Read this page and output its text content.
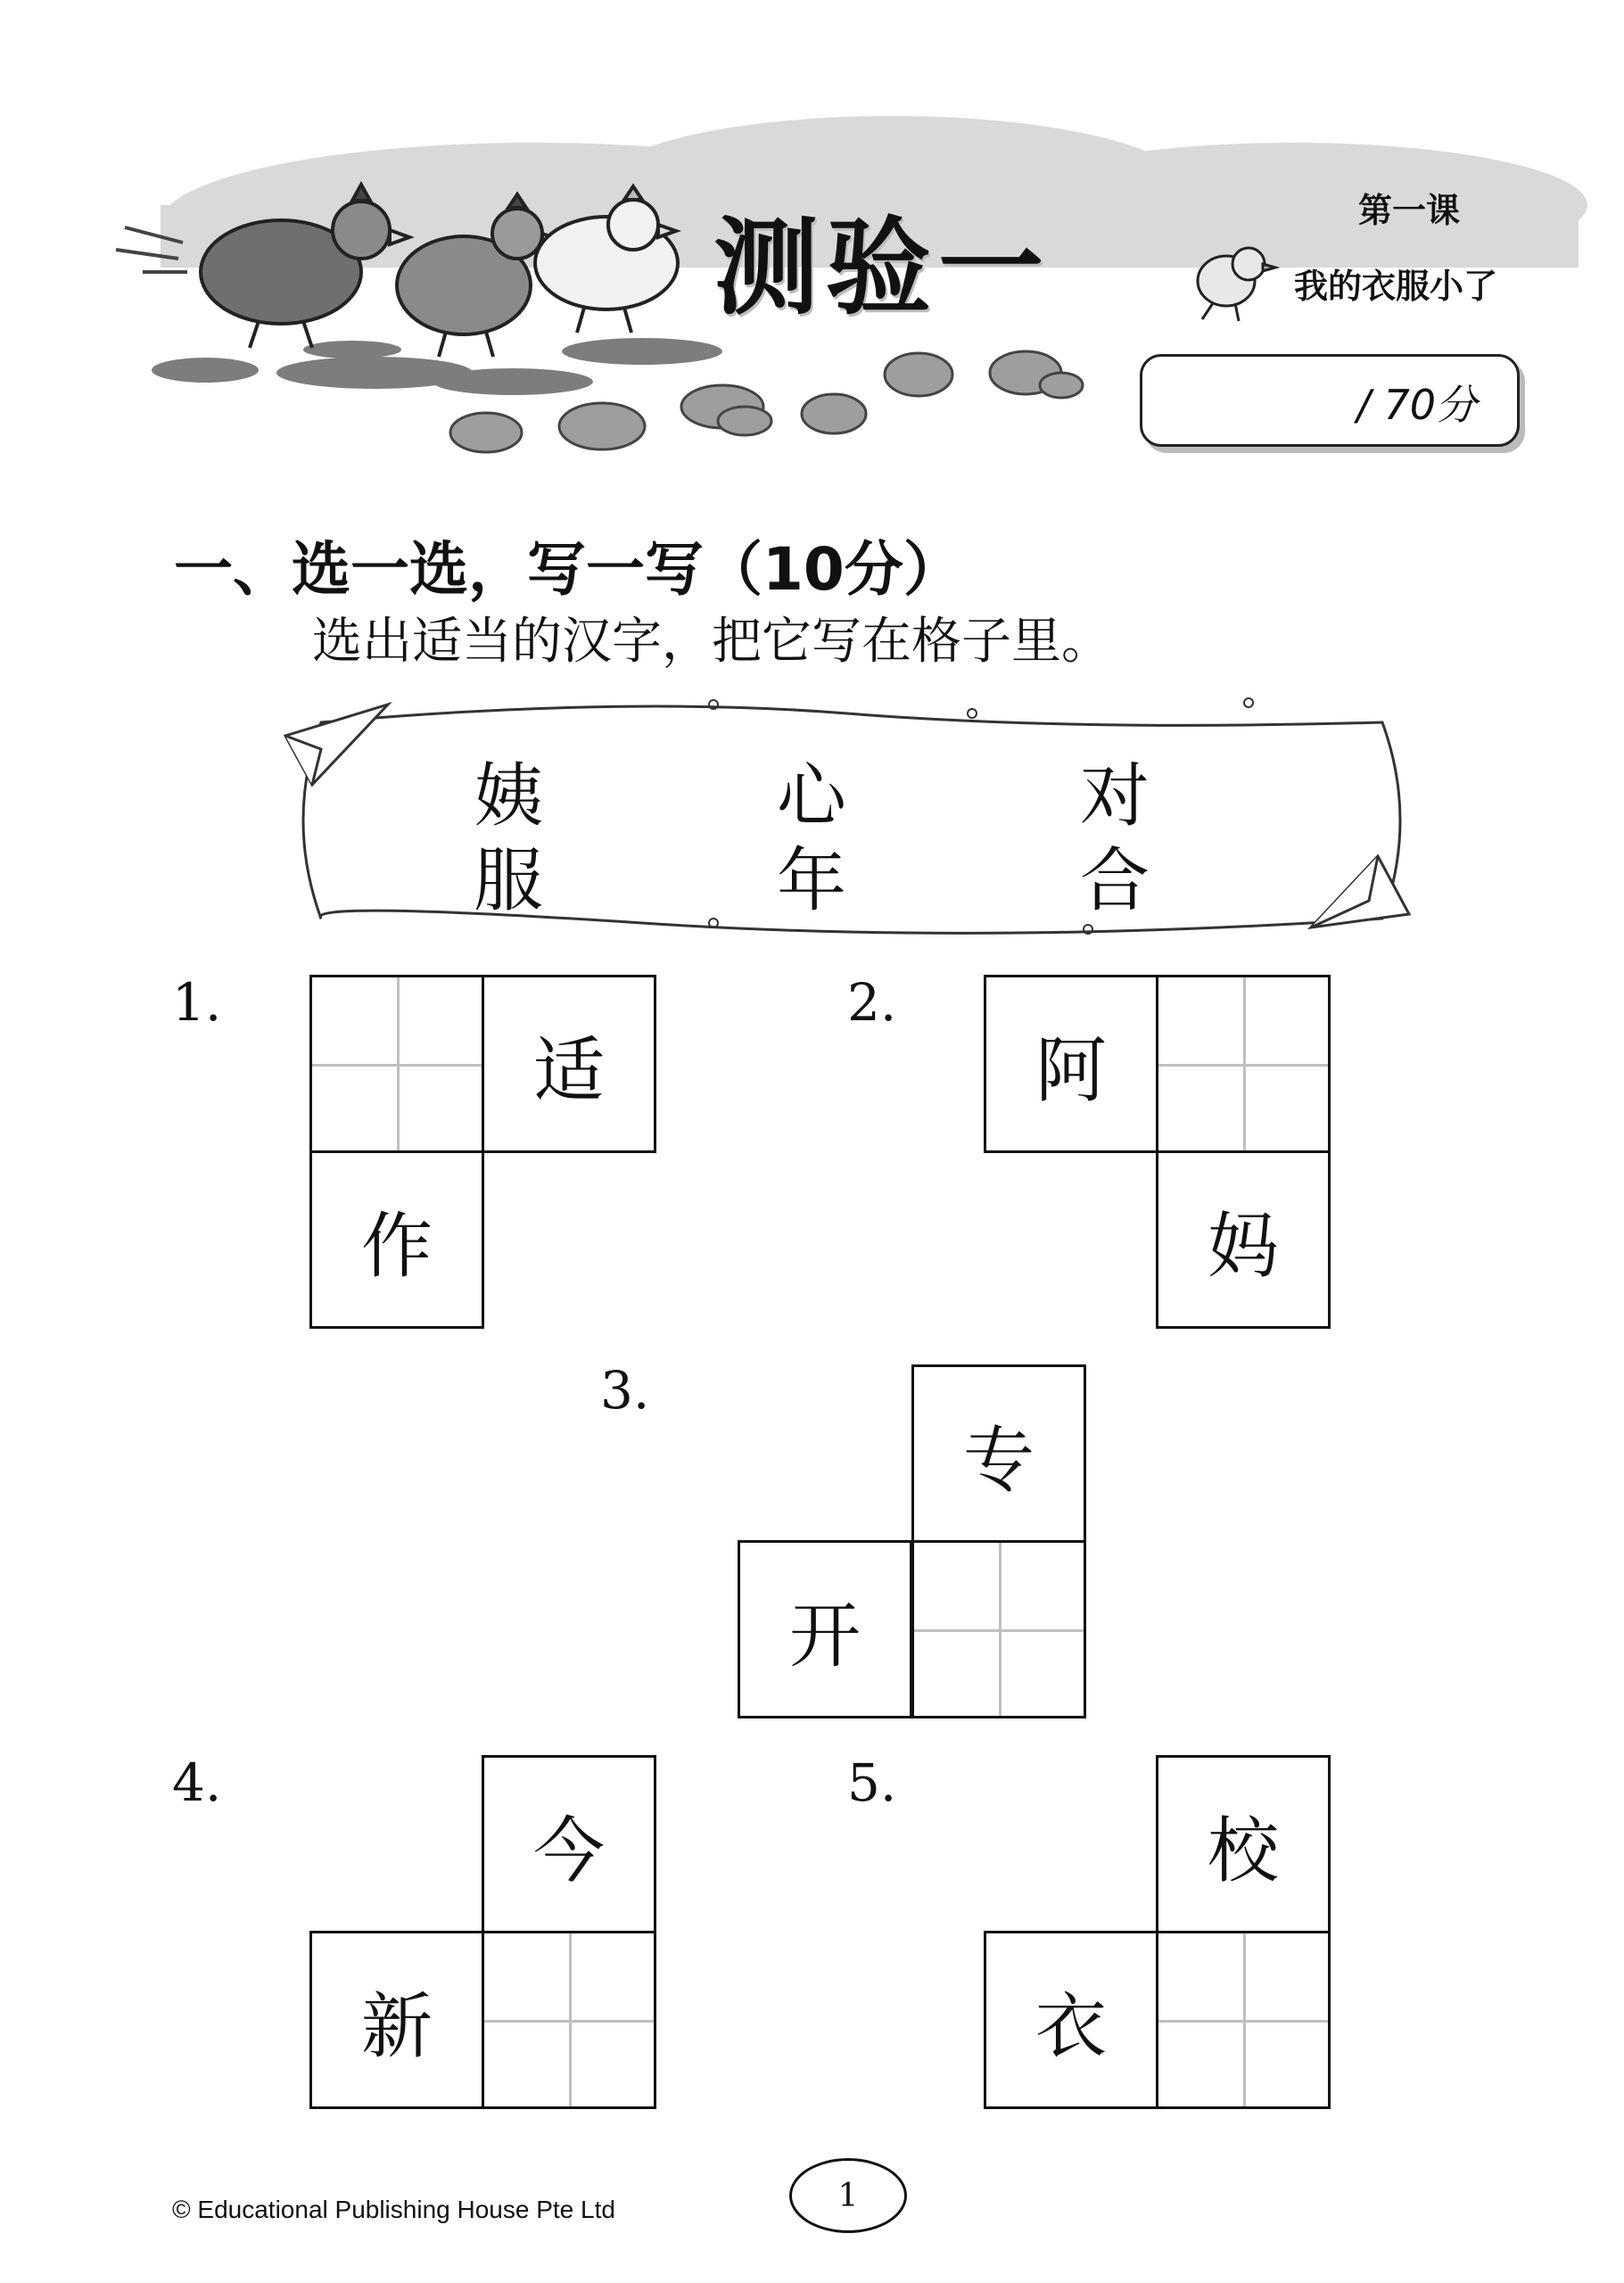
测验一	第一课
我的衣服小了
/ 70分
一、选一选，写一写（10分）
选出适当的汉字，把它写在格子里。
姨	心	对
服	年	合
1.
适
作
2.
阿
妈
3.
专
开
4.
今
新
5.
校
衣
© Educational Publishing House Pte Ltd	1
